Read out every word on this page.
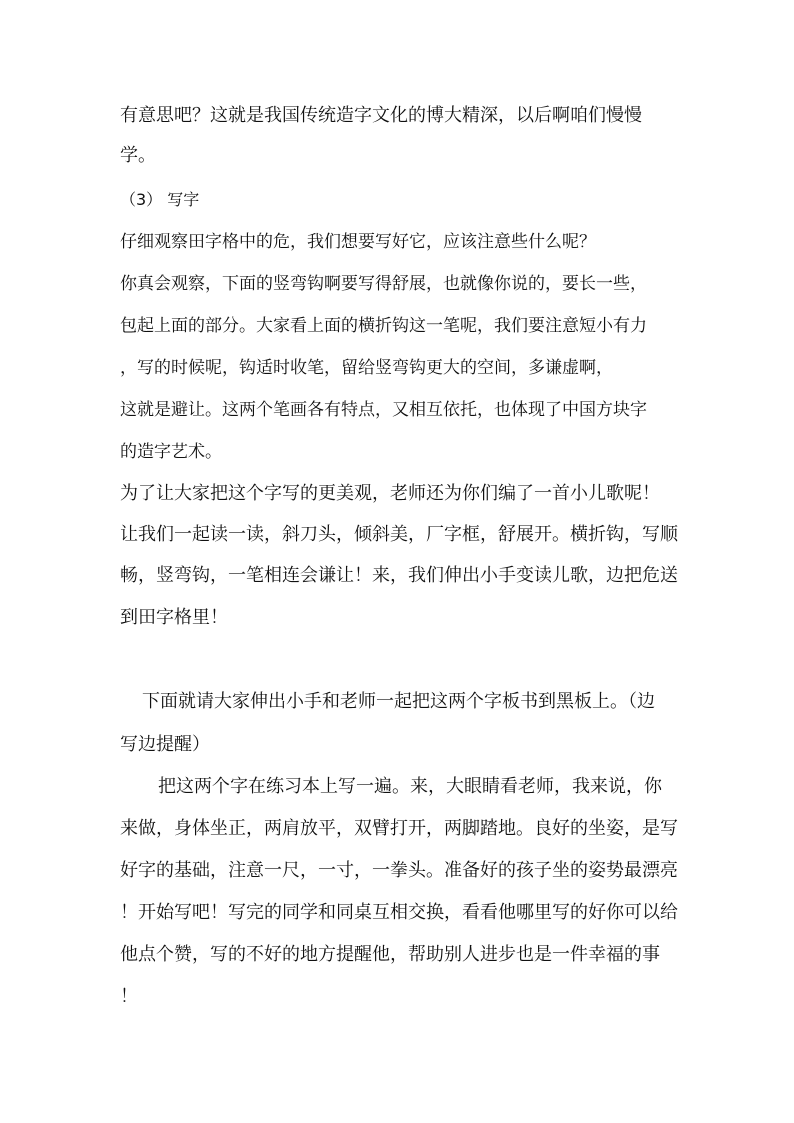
有意思吧？这就是我国传统造字文化的博大精深，以后啊咱们慢慢
学。
（3） 写字
仔细观察田字格中的危，我们想要写好它，应该注意些什么呢？
你真会观察，下面的竖弯钩啊要写得舒展，也就像你说的，要长一些，
包起上面的部分。大家看上面的横折钩这一笔呢，我们要注意短小有力
，写的时候呢，钩适时收笔，留给竖弯钩更大的空间，多谦虚啊，
这就是避让。这两个笔画各有特点，又相互依托，也体现了中国方块字
的造字艺术。
为了让大家把这个字写的更美观，老师还为你们编了一首小儿歌呢！
让我们一起读一读，斜刀头，倾斜美，厂字框，舒展开。横折钩，写顺
畅，竖弯钩，一笔相连会谦让！来，我们伸出小手变读儿歌，边把危送
到田字格里！
下面就请大家伸出小手和老师一起把这两个字板书到黑板上。（边
写边提醒）
把这两个字在练习本上写一遍。来，大眼睛看老师，我来说，你
来做，身体坐正，两肩放平，双臂打开，两脚踏地。良好的坐姿，是写
好字的基础，注意一尺，一寸，一拳头。准备好的孩子坐的姿势最漂亮
！开始写吧！写完的同学和同桌互相交换，看看他哪里写的好你可以给
他点个赞，写的不好的地方提醒他，帮助别人进步也是一件幸福的事
！
